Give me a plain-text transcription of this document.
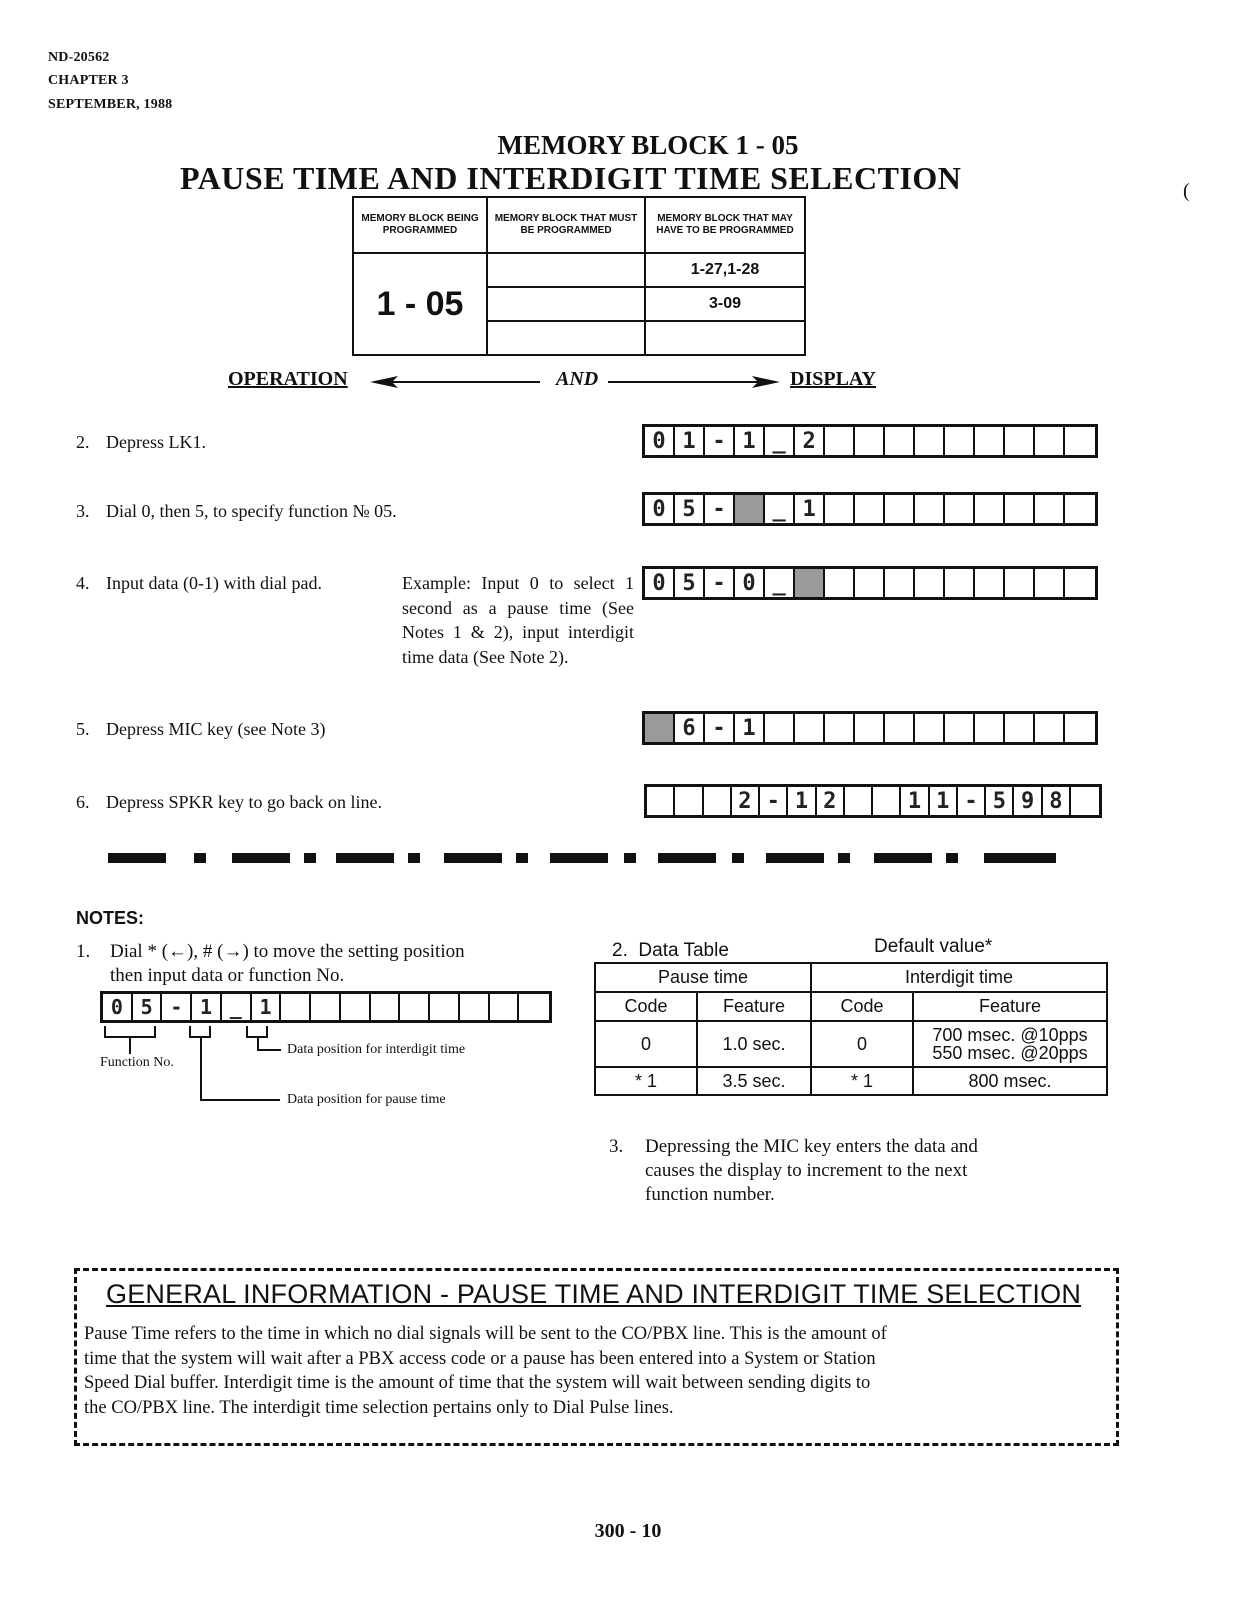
ND-20562
CHAPTER 3
SEPTEMBER, 1988
MEMORY BLOCK 1 - 05
PAUSE TIME AND INTERDIGIT TIME SELECTION	(
MEMORY BLOCK BEING PROGRAMMED	MEMORY BLOCK THAT MUST BE PROGRAMMED	MEMORY BLOCK THAT MAY HAVE TO BE PROGRAMMED
1 - 05		1-27,1-28
		3-09

OPERATION	AND	DISPLAY
2. Depress LK1.
3. Dial 0, then 5, to specify function № 05.
4. Input data (0-1) with dial pad.	Example: Input 0 to select 1 second as a pause time (See Notes 1 & 2), input interdigit time data (See Note 2).
5. Depress MIC key (see Note 3)
6. Depress SPKR key to go back on line.
0 1 - 1 _ 2
0 5 -	_ 1
0 5 - 0 _
6 - 1
2 - 1 2	1 1 - 5 9 8
NOTES:
1. Dial * (←), # (→) to move the setting position
then input data or function No.
0 5 - 1 _ 1
Function No.
Data position for pause time
Data position for interdigit time
2. Data Table	Default value*
Pause time		Interdigit time	
Code	Feature	Code	Feature
0	1.0 sec.	0	700 msec. @10pps
550 msec. @20pps

* 1	3.5 sec.	* 1	800 msec.
3. Depressing the MIC key enters the data and
causes the display to increment to the next
function number.
GENERAL INFORMATION - PAUSE TIME AND INTERDIGIT TIME SELECTION
Pause Time refers to the time in which no dial signals will be sent to the CO/PBX line. This is the amount of
time that the system will wait after a PBX access code or a pause has been entered into a System or Station
Speed Dial buffer. Interdigit time is the amount of time that the system will wait between sending digits to
the CO/PBX line. The interdigit time selection pertains only to Dial Pulse lines.
300 - 10
